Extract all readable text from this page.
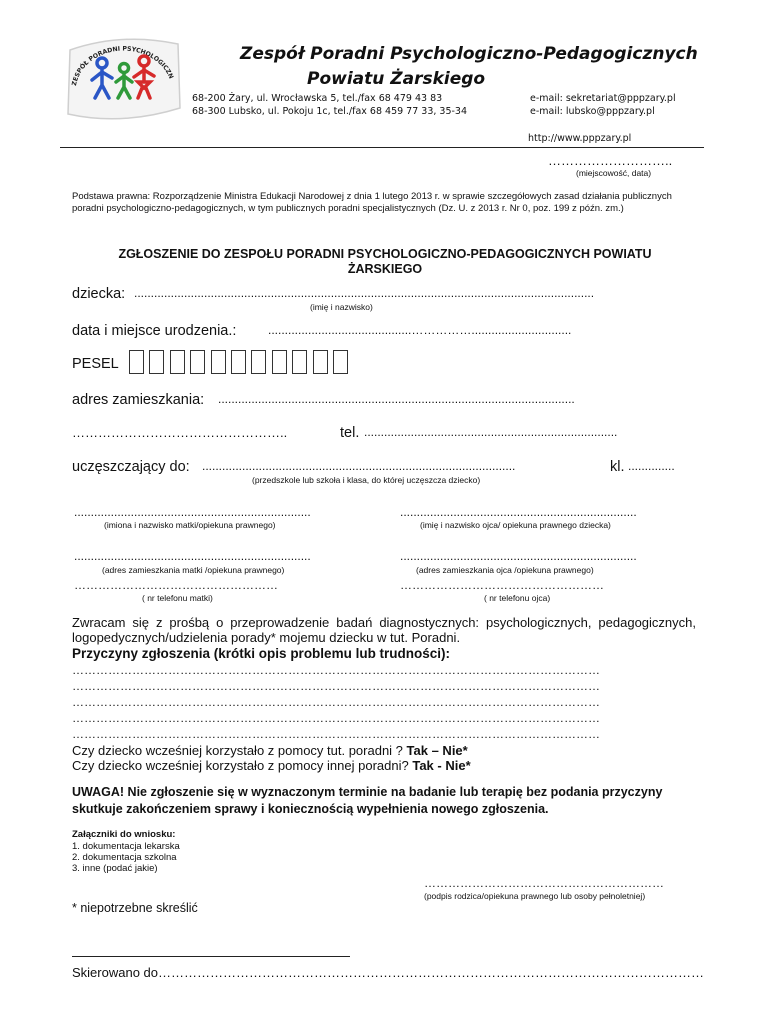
ZESPÓŁ PORADNI PSYCHOLOGICZN
Zespół Poradni Psychologiczno-Pedagogicznych
Powiatu Żarskiego
68-200 Żary, ul. Wrocławska 5, tel./fax 68 479 43 83
68-300 Lubsko, ul. Pokoju 1c, tel./fax 68 459 77 33, 35-34
e-mail: sekretariat@pppzary.pl
e-mail: lubsko@pppzary.pl
http://www.pppzary.pl
………………………..
(miejscowość, data)
Podstawa prawna: Rozporządzenie Ministra Edukacji Narodowej z dnia 1 lutego 2013 r. w sprawie szczegółowych zasad działania publicznych poradni psychologiczno-pedagogicznych, w tym publicznych poradni specjalistycznych (Dz. U. z 2013 r. Nr 0, poz. 199 z późn. zm.)
ZGŁOSZENIE DO ZESPOŁU PORADNI PSYCHOLOGICZNO-PEDAGOGICZNYCH POWIATU ŻARSKIEGO
dziecka: ..........................................................................................................................................
(imię i nazwisko)
data i miejsce urodzenia.:	...........................................……………..............................
PESEL
adres zamieszkania: ...........................................................................................................
…………………………………………..	tel. ............................................................................
uczęszczający do: ..............................................................................................	kl. ..............
(przedszkole lub szkoła i klasa, do której uczęszcza dziecko)
.......................................................................
(imiona i nazwisko matki/opiekuna prawnego)
.......................................................................
(imię i nazwisko ojca/ opiekuna prawnego dziecka)
.......................................................................
(adres zamieszkania matki /opiekuna prawnego)
.......................................................................
(adres zamieszkania ojca /opiekuna prawnego)
……………………………………………
( nr telefonu matki)
……………………………………………
( nr telefonu ojca)
Zwracam się z prośbą o przeprowadzenie badań diagnostycznych: psychologicznych, pedagogicznych, logopedycznych/udzielenia porady* mojemu dziecku w tut. Poradni.
Przyczyny zgłoszenia (krótki opis problemu lub trudności):
……………………………………………………………………………………………………………………
……………………………………………………………………………………………………………………
……………………………………………………………………………………………………………………
……………………………………………………………………………………………………………………
……………………………………………………………………………………………………………………
Czy dziecko wcześniej korzystało z pomocy tut. poradni ? Tak – Nie*
Czy dziecko wcześniej korzystało z pomocy innej poradni? Tak - Nie*
UWAGA! Nie zgłoszenie się w wyznaczonym terminie na badanie lub terapię bez podania przyczyny skutkuje zakończeniem sprawy i koniecznością wypełnienia nowego zgłoszenia.
Załączniki do wniosku:
1. dokumentacja lekarska
2. dokumentacja szkolna
3. inne (podać jakie)
……………………………………………………
(podpis rodzica/opiekuna prawnego lub osoby pełnoletniej)
* niepotrzebne skreślić
Skierowano do………………………………………………………………………………………………………………
